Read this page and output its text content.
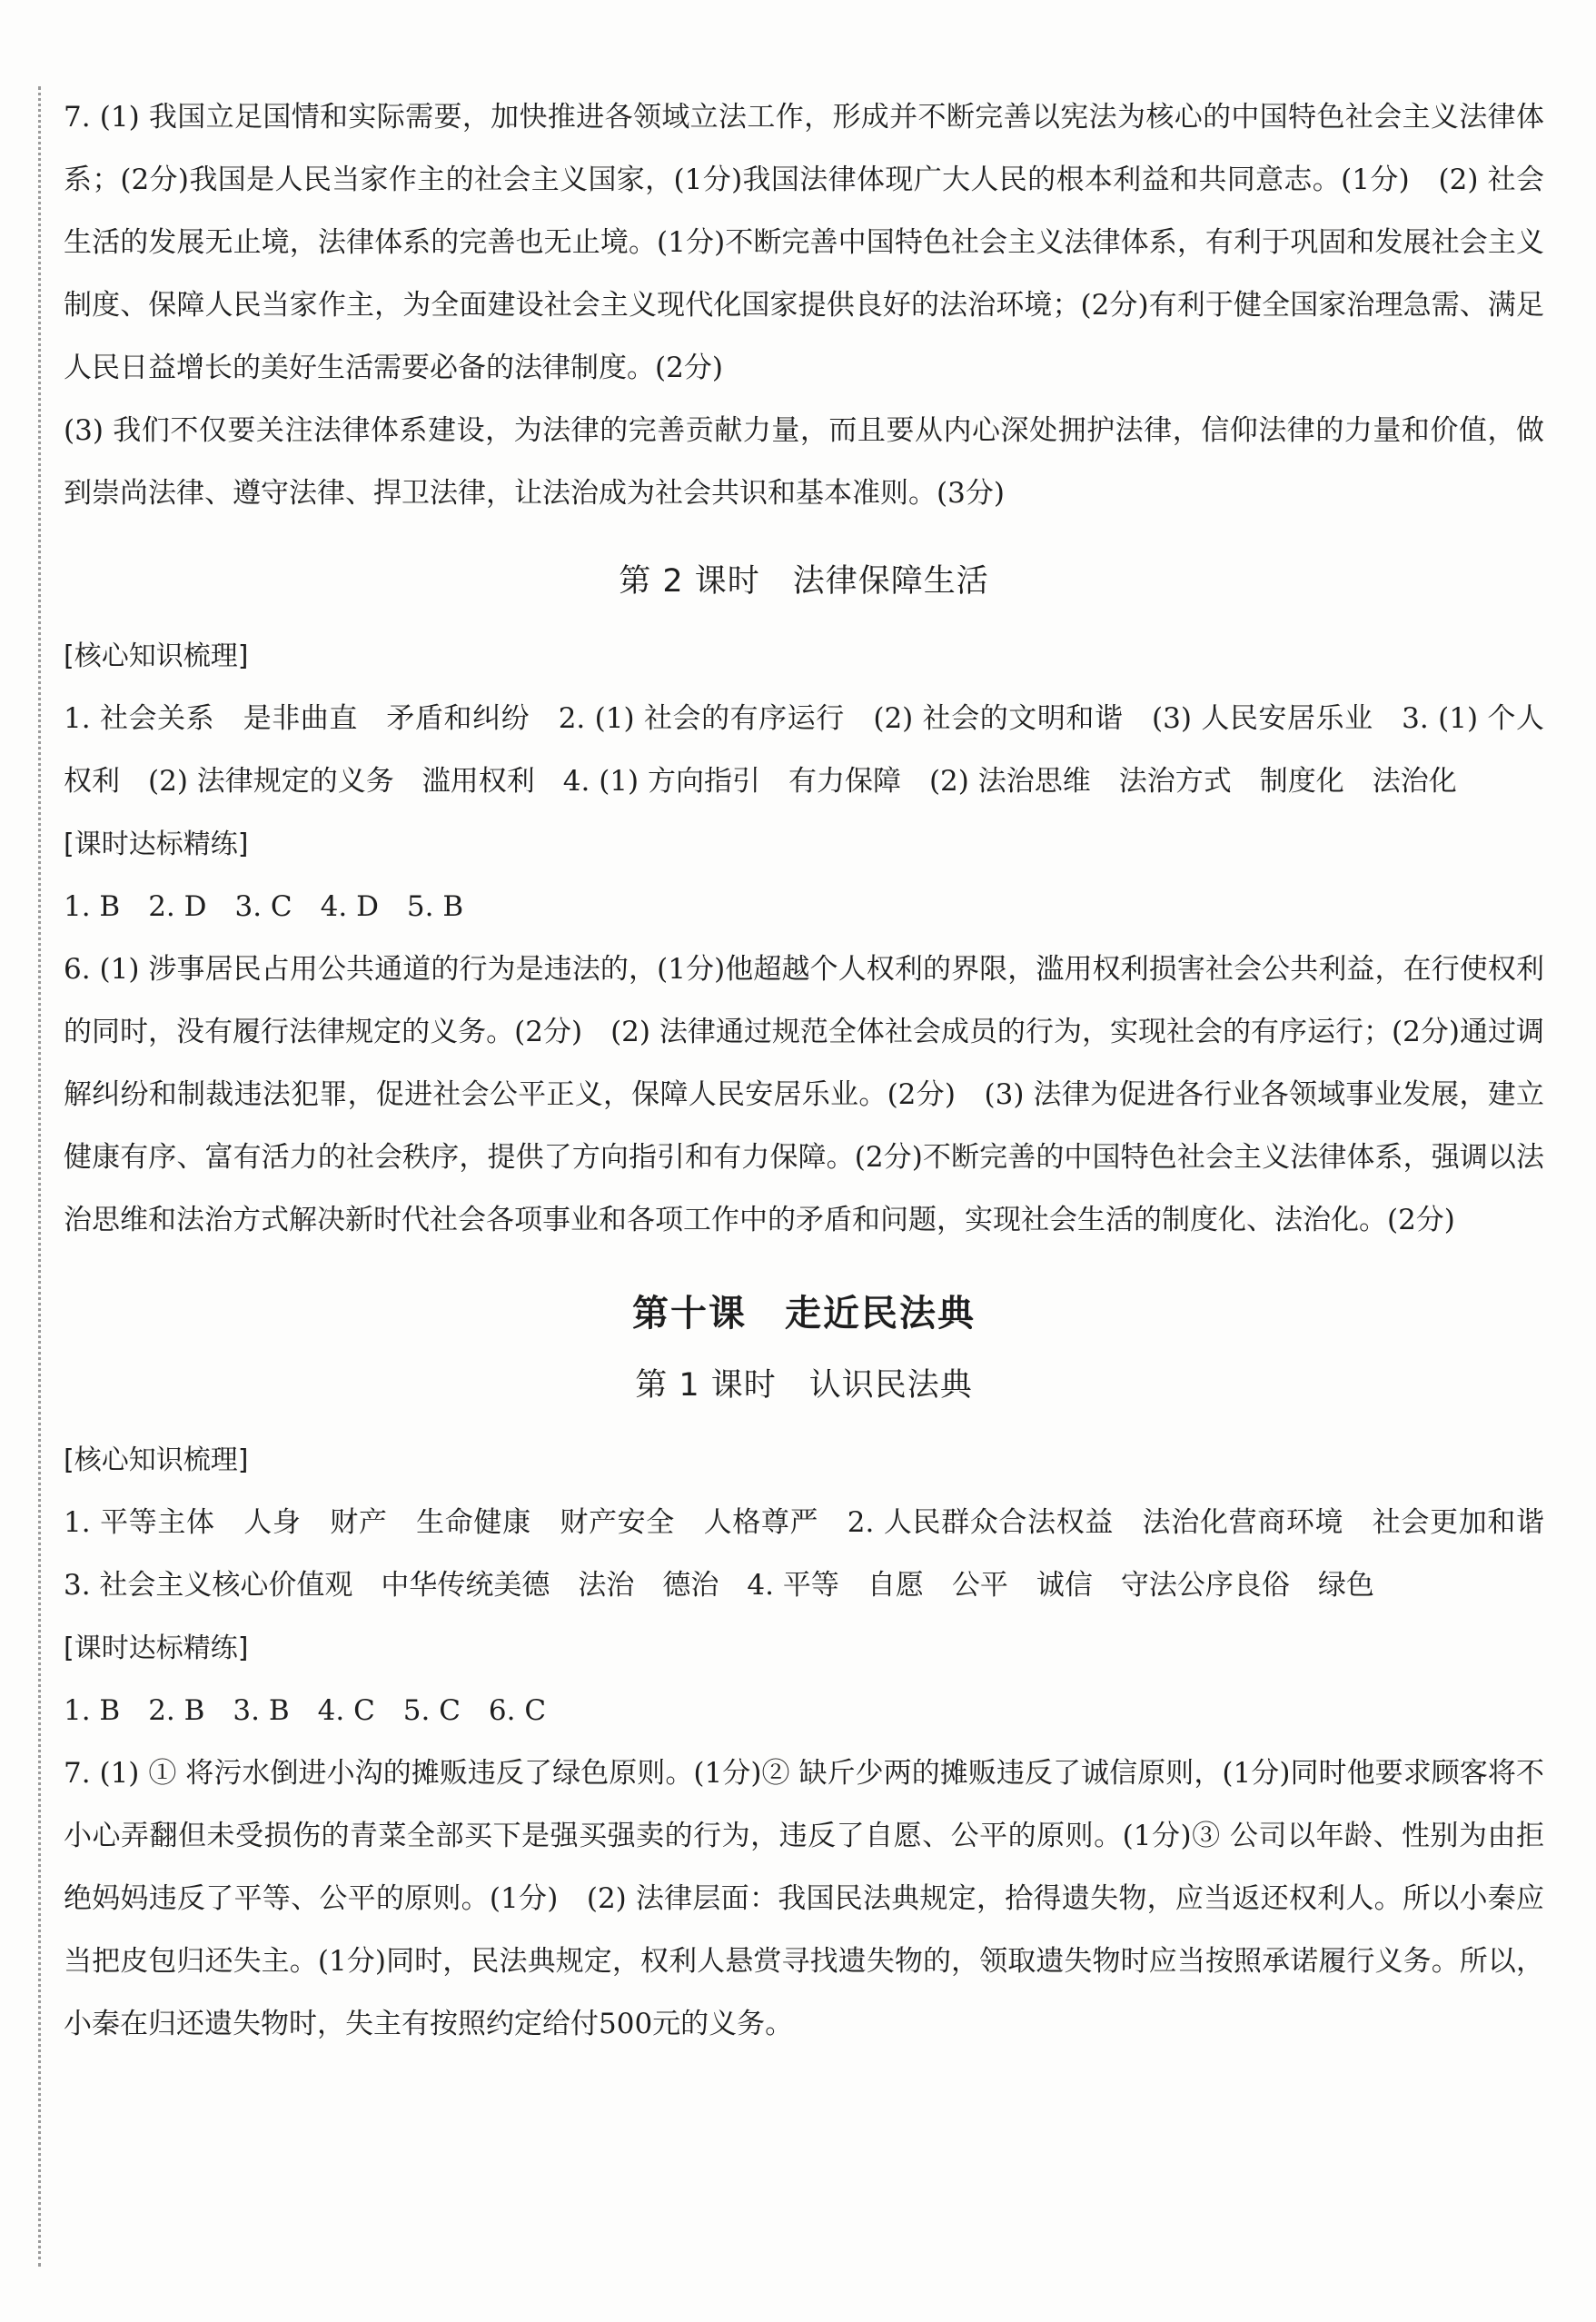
7. (1) 我国立足国情和实际需要，加快推进各领域立法工作，形成并不断完善以宪法为核心的中国特色社会主义法律体系；(2分)我国是人民当家作主的社会主义国家，(1分)我国法律体现广大人民的根本利益和共同意志。(1分)　(2) 社会生活的发展无止境，法律体系的完善也无止境。(1分)不断完善中国特色社会主义法律体系，有利于巩固和发展社会主义制度、保障人民当家作主，为全面建设社会主义现代化国家提供良好的法治环境；(2分)有利于健全国家治理急需、满足人民日益增长的美好生活需要必备的法律制度。(2分)

(3) 我们不仅要关注法律体系建设，为法律的完善贡献力量，而且要从内心深处拥护法律，信仰法律的力量和价值，做到崇尚法律、遵守法律、捍卫法律，让法治成为社会共识和基本准则。(3分)

第 2 课时　法律保障生活

[核心知识梳理]

1. 社会关系　是非曲直　矛盾和纠纷　2. (1) 社会的有序运行　(2) 社会的文明和谐　(3) 人民安居乐业　3. (1) 个人权利　(2) 法律规定的义务　滥用权利　4. (1) 方向指引　有力保障　(2) 法治思维　法治方式　制度化　法治化

[课时达标精练]

1. B　2. D　3. C　4. D　5. B

6. (1) 涉事居民占用公共通道的行为是违法的，(1分)他超越个人权利的界限，滥用权利损害社会公共利益，在行使权利的同时，没有履行法律规定的义务。(2分)　(2) 法律通过规范全体社会成员的行为，实现社会的有序运行；(2分)通过调解纠纷和制裁违法犯罪，促进社会公平正义，保障人民安居乐业。(2分)　(3) 法律为促进各行业各领域事业发展，建立健康有序、富有活力的社会秩序，提供了方向指引和有力保障。(2分)不断完善的中国特色社会主义法律体系，强调以法治思维和法治方式解决新时代社会各项事业和各项工作中的矛盾和问题，实现社会生活的制度化、法治化。(2分)

第十课　走近民法典
第 1 课时　认识民法典

[核心知识梳理]

1. 平等主体　人身　财产　生命健康　财产安全　人格尊严　2. 人民群众合法权益　法治化营商环境　社会更加和谐　3. 社会主义核心价值观　中华传统美德　法治　德治　4. 平等　自愿　公平　诚信　守法公序良俗　绿色

[课时达标精练]

1. B　2. B　3. B　4. C　5. C　6. C

7. (1) ① 将污水倒进小沟的摊贩违反了绿色原则。(1分)② 缺斤少两的摊贩违反了诚信原则，(1分)同时他要求顾客将不小心弄翻但未受损伤的青菜全部买下是强买强卖的行为，违反了自愿、公平的原则。(1分)③ 公司以年龄、性别为由拒绝妈妈违反了平等、公平的原则。(1分)　(2) 法律层面：我国民法典规定，拾得遗失物，应当返还权利人。所以小秦应当把皮包归还失主。(1分)同时，民法典规定，权利人悬赏寻找遗失物的，领取遗失物时应当按照承诺履行义务。所以，小秦在归还遗失物时，失主有按照约定给付500元的义务。
